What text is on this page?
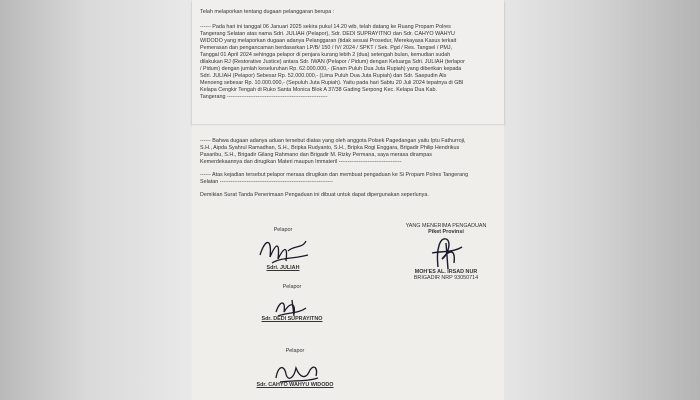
Telah melaporkan tentang dugaan pelanggaran berupa :
------ Pada hari ini tanggal 06 Januari 2025 sekira pukul 14.20 wib, telah datang ke Ruang Propam Polres
Tangerang Selatan atas nama Sdri. JULIAH (Pelapor), Sdr. DEDI SUPRAYITNO dan Sdr. CAHYO WAHYU
WIDODO yang melaporkan dugaan adanya Pelanggaran (tidak sesuai Prosedur, Merekayasa Kasus terkait
Pemerasan dan pengancaman berdasarkan LP/B/ 150 / IV/ 2024 / SPKT / Sek. Pgd / Res. Tangsel / PMJ,
Tanggal 01 April 2024 sehingga pelapor di penjara kurang lebih 2 (dua) setengah bulan, kemudian sudah
dilakukan RJ (Restorative Justice) antara Sdr. IWAN (Pelapor / Pidum) dengan Keluarga Sdri. JULIAH (terlapor
/ Pidum) dengan jumlah keseluruhan Rp. 62.000.000,- (Enam Puluh Dua Juta Rupiah) yang diberikan kepada
Sdri. JULIAH (Pelapor) Sebesar Rp. 52.000.000,- (Lima Puluh Dua Juta Rupiah) dan Sdr. Saepudin Als
Menoeng sebesar Rp. 10.000.000,- (Sepuluh Juta Rupiah). Yaitu pada hari Sabtu 20 Juli 2024 tepatnya di GBI
Kelapa Cengkir Tengah di Ruko Santa Monica Blok A 37/38 Gading Serpong Kec. Kelapa Dua Kab.
Tangerang --------------------------------------------------------
------ Bahwa dugaan adanya aduan tersebut diatas yang oleh anggota Polsek Pagedangan yaitu Iptu Fathurroji,
S.H., Aipda Syahrul Ramadhan, S.H., Bripka Rudyanto, S.H., Bripka Rogi Enggara, Brigadir Philip Hendrikus
Pasaribu, S.H., Brigadir Gilang Rahmano dan Brigadir M. Rizky Permana, saya merasa dirampas
Kemerdekaannya dan dirugikan Materi maupun Immateril -----------------------------------
------ Atas kejadian tersebut pelapor merasa dirugikan dan membuat pengaduan ke Si Propam Polres Tangerang
Selatan ---------------------------------------------------------------
Demikian Surat Tanda Penerimaan Pengaduan ini dibuat untuk dapat dipergunakan seperlunya.
Pelapor
Sdri. JULIAH
YANG MENERIMA PENGADUAN
Piket Provinsi
MOH'ES AL. IRSAD NUR
BRIGADIR NRP 93050714
Pelapor
Sdr. DEDI SUPRAYITNO
Pelapor
Sdr. CAHYO WAHYU WIDODO
